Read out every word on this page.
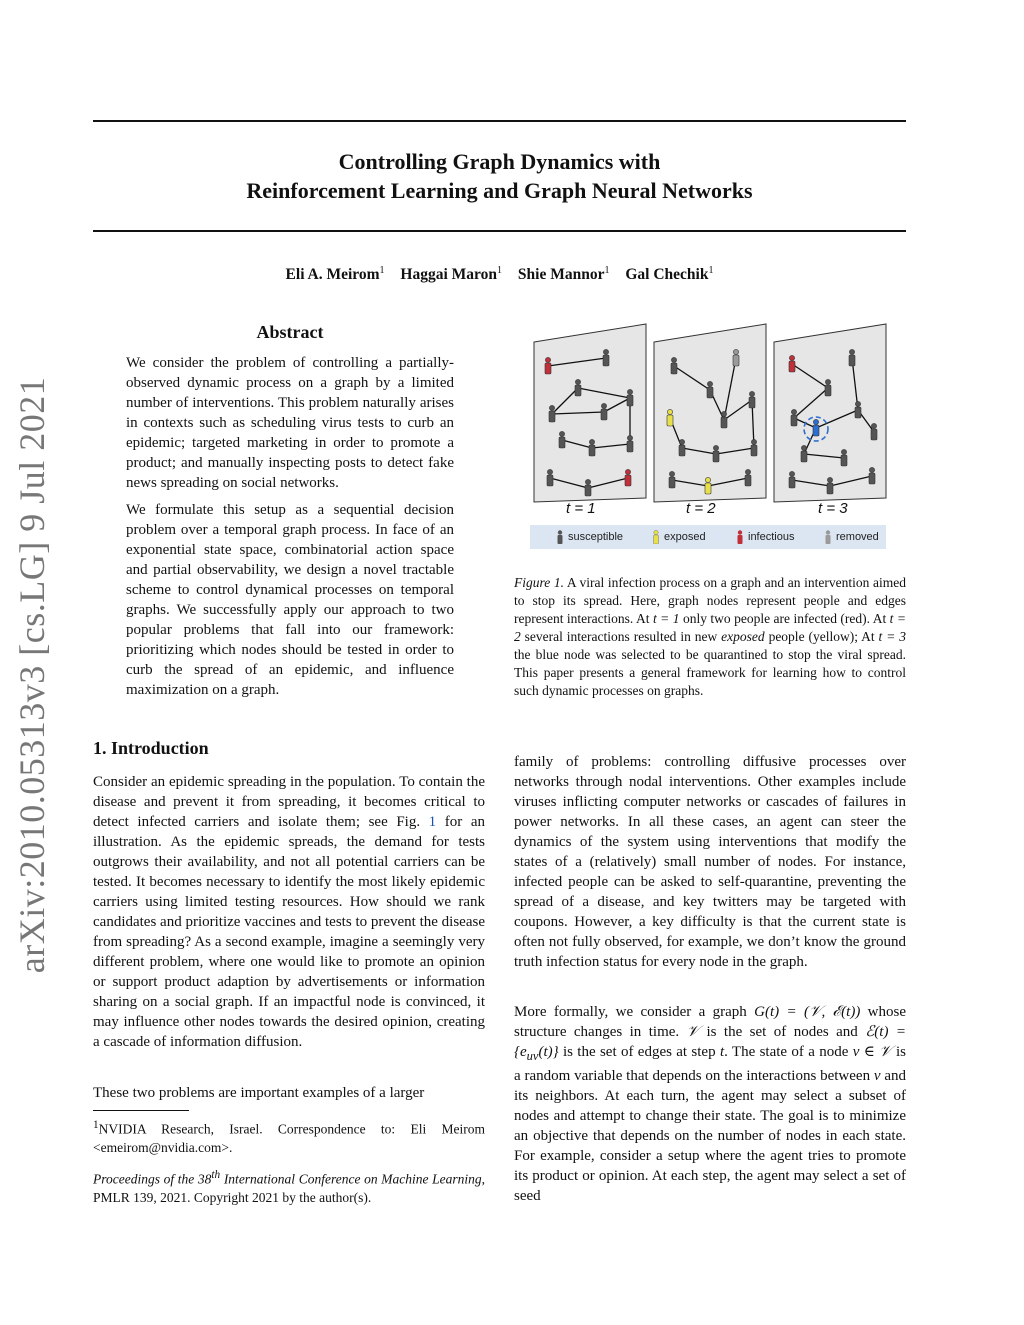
Controlling Graph Dynamics with
Reinforcement Learning and Graph Neural Networks
Eli A. Meirom$^1$ Haggai Maron$^1$ Shie Mannor$^1$ Gal Chechik$^1$
arXiv:2010.05313v3 [cs.LG] 9 Jul 2021
Abstract

We consider the problem of controlling a partially-observed dynamic process on a graph by a limited number of interventions. This problem naturally arises in contexts such as scheduling virus tests to curb an epidemic; targeted marketing in order to promote a product; and manually inspecting posts to detect fake news spreading on social networks.

We formulate this setup as a sequential decision problem over a temporal graph process. In face of an exponential state space, combinatorial action space and partial observability, we design a novel tractable scheme to control dynamical processes on temporal graphs. We successfully apply our approach to two popular problems that fall into our framework: prioritizing which nodes should be tested in order to curb the spread of an epidemic, and influence maximization on a graph.

1. Introduction

Consider an epidemic spreading in the population. To contain the disease and prevent it from spreading, it becomes critical to detect infected carriers and isolate them; see Fig. 1 for an illustration. As the epidemic spreads, the demand for tests outgrows their availability, and not all potential carriers can be tested. It becomes necessary to identify the most likely epidemic carriers using limited testing resources. How should we rank candidates and prioritize vaccines and tests to prevent the disease from spreading? As a second example, imagine a seemingly very different problem, where one would like to promote an opinion or support product adaption by advertisements or information sharing on a social graph. If an impactful node is convinced, it may influence other nodes towards the desired opinion, creating a cascade of information diffusion.

These two problems are important examples of a larger

$^1$NVIDIA Research, Israel. Correspondence to: Eli Meirom <emeirom@nvidia.com>.

Proceedings of the 38th International Conference on Machine Learning, PMLR 139, 2021. Copyright 2021 by the author(s).

t = 1	t = 2	t = 3
susceptible	exposed	infectious	removed

Figure 1. A viral infection process on a graph and an intervention aimed to stop its spread. Here, graph nodes represent people and edges represent interactions. At t = 1 only two people are infected (red). At t = 2 several interactions resulted in new exposed people (yellow); At t = 3 the blue node was selected to be quarantined to stop the viral spread. This paper presents a general framework for learning how to control such dynamic processes on graphs.

family of problems: controlling diffusive processes over networks through nodal interventions. Other examples include viruses inflicting computer networks or cascades of failures in power networks. In all these cases, an agent can steer the dynamics of the system using interventions that modify the states of a (relatively) small number of nodes. For instance, infected people can be asked to self-quarantine, preventing the spread of a disease, and key twitters may be targeted with coupons. However, a key difficulty is that the current state is often not fully observed, for example, we don’t know the ground truth infection status for every node in the graph.

More formally, we consider a graph G(t) = (𝒱, ℰ(t)) whose structure changes in time. 𝒱 is the set of nodes and ℰ(t) = $\{e_{uv}(t)\}$ is the set of edges at step t. The state of a node v ∈ 𝒱 is a random variable that depends on the interactions between v and its neighbors. At each turn, the agent may select a subset of nodes and attempt to change their state. The goal is to minimize an objective that depends on the number of nodes in each state. For example, consider a setup where the agent tries to promote its product or opinion. At each step, the agent may select a set of seed
